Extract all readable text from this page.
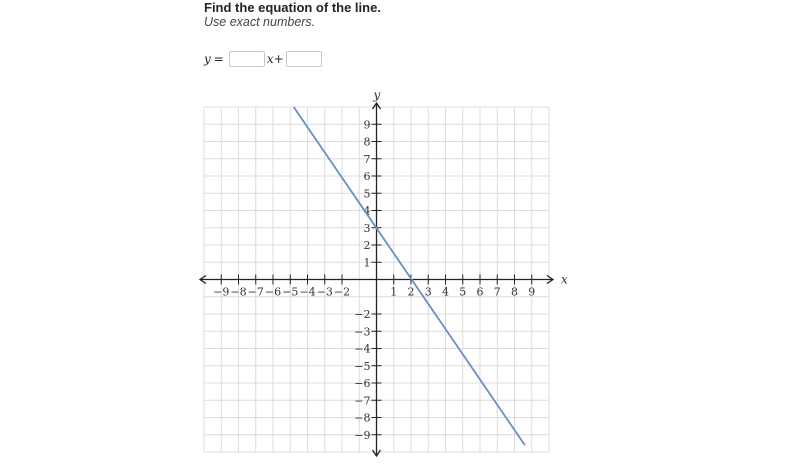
Find the equation of the line.
Use exact numbers.
y =	x+
x
y
−9 −8 −7 −6 −5 −4 −3 −2	1 2 3 4 5 6 7 8 9
−9
−8
−7
−6
−5
−4
−3
−2
1
2
3
4
5
6
7
8
9
